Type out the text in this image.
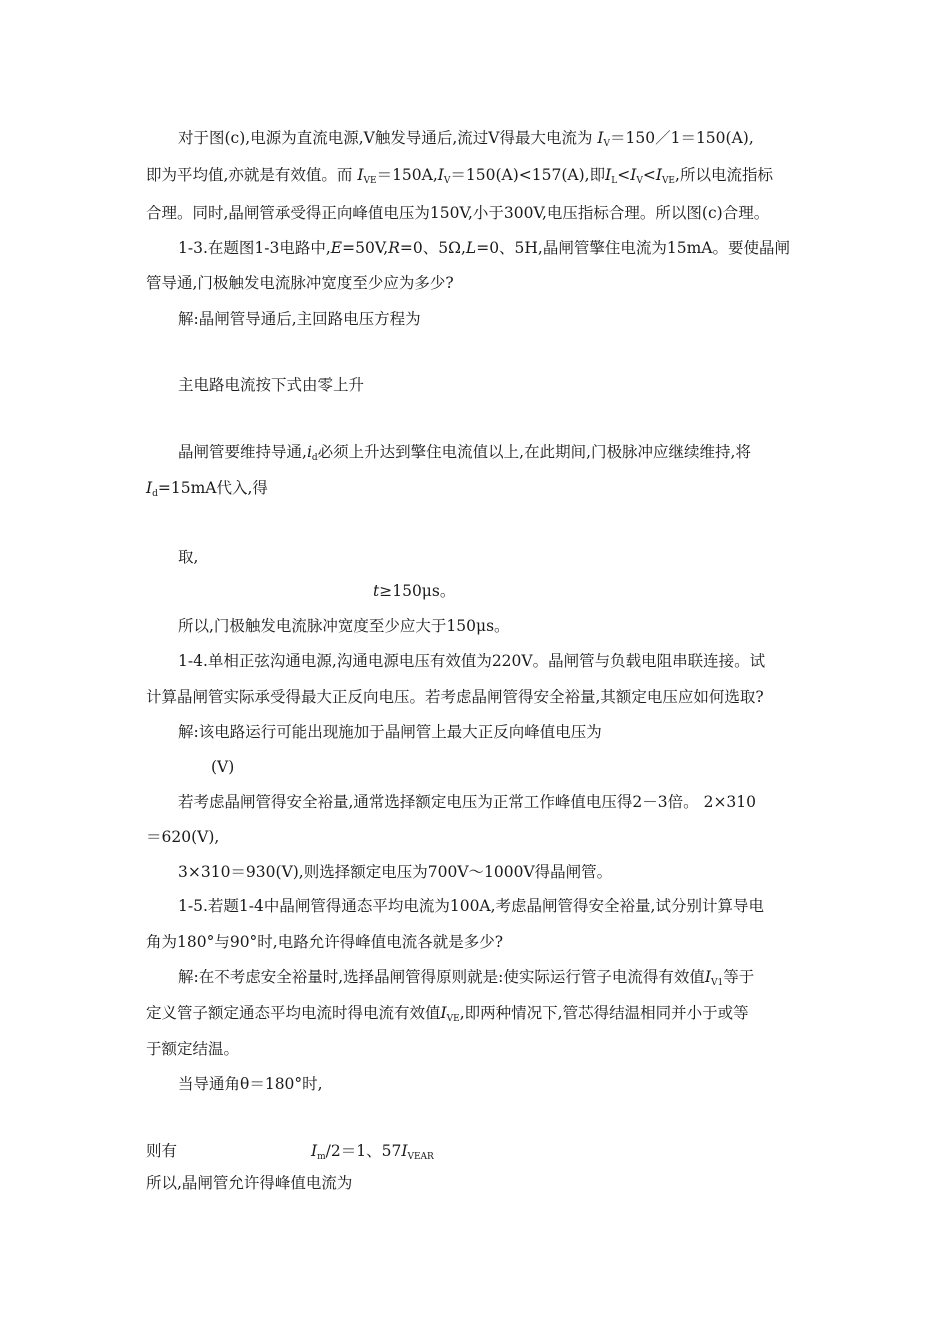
对于图(c),电源为直流电源,V触发导通后,流过V得最大电流为 $I_V=150/1=150(A)$,
即为平均值,亦就是有效值。而 $I_{VE}=150A,I_V=150(A)<157(A)$,即$I_L<I_V<I_{VE}$,所以电流指标
合理。同时,晶闸管承受得正向峰值电压为150V,小于300V,电压指标合理。所以图(c)合理。
1-3.在题图1-3电路中,E=50V,R=0、5Ω,L=0、5H,晶闸管擎住电流为15mA。要使晶闸
管导通,门极触发电流脉冲宽度至少应为多少?
解:晶闸管导通后,主回路电压方程为
主电路电流按下式由零上升
晶闸管要维持导通$,i_d$必须上升达到擎住电流值以上,在此期间,门极脉冲应继续维持,将
$I_d=15mA$代入,得
取,
t≥150μs。
所以,门极触发电流脉冲宽度至少应大于150μs。
1-4.单相正弦沟通电源,沟通电源电压有效值为220V。晶闸管与负载电阻串联连接。试
计算晶闸管实际承受得最大正反向电压。若考虑晶闸管得安全裕量,其额定电压应如何选取?
解:该电路运行可能出现施加于晶闸管上最大正反向峰值电压为
(V)
若考虑晶闸管得安全裕量,通常选择额定电压为正常工作峰值电压得2－3倍。 2×310
＝620(V),
3×310＝930(V),则选择额定电压为700V～1000V得晶闸管。
1-5.若题1-4中晶闸管得通态平均电流为100A,考虑晶闸管得安全裕量,试分别计算导电
角为180°与90°时,电路允许得峰值电流各就是多少?
解:在不考虑安全裕量时,选择晶闸管得原则就是:使实际运行管子电流得有效值$I_{V1}$等于
定义管子额定通态平均电流时得电流有效值$I_{VE}$,即两种情况下,管芯得结温相同并小于或等
于额定结温。
当导通角θ＝180°时,
则有	$I_m/2=1$、$57I_{VEAR}$
所以,晶闸管允许得峰值电流为
